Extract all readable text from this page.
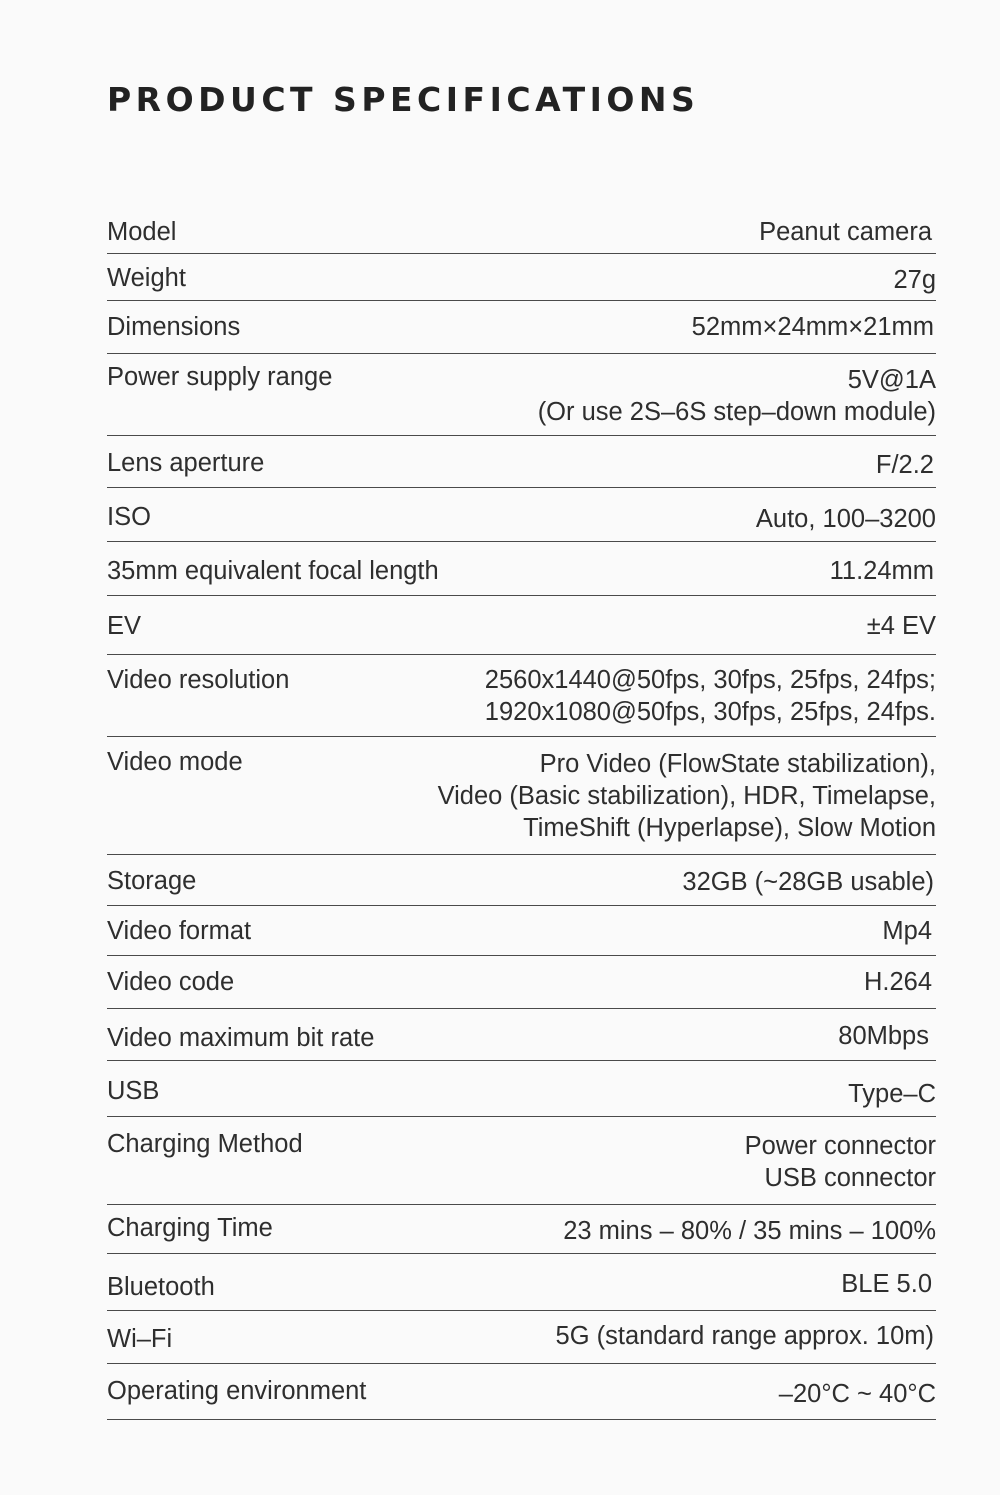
PRODUCT SPECIFICATIONS
Model	Peanut camera
Weight	27g
Dimensions	52mm×24mm×21mm
Power supply range	5V@1A
(Or use 2S–6S step–down module)
Lens aperture	F/2.2
ISO	Auto, 100–3200
35mm equivalent focal length	11.24mm
EV	±4 EV
Video resolution	2560x1440@50fps, 30fps, 25fps, 24fps;
1920x1080@50fps, 30fps, 25fps, 24fps.
Video mode	Pro Video (FlowState stabilization),
Video (Basic stabilization), HDR, Timelapse,
TimeShift (Hyperlapse), Slow Motion
Storage	32GB (~28GB usable)
Video format	Mp4
Video code	H.264
Video maximum bit rate	80Mbps
USB	Type–C
Charging Method	Power connector
USB connector
Charging Time	23 mins – 80% / 35 mins – 100%
Bluetooth	BLE 5.0
Wi–Fi	5G (standard range approx. 10m)
Operating environment	–20°C ~ 40°C
